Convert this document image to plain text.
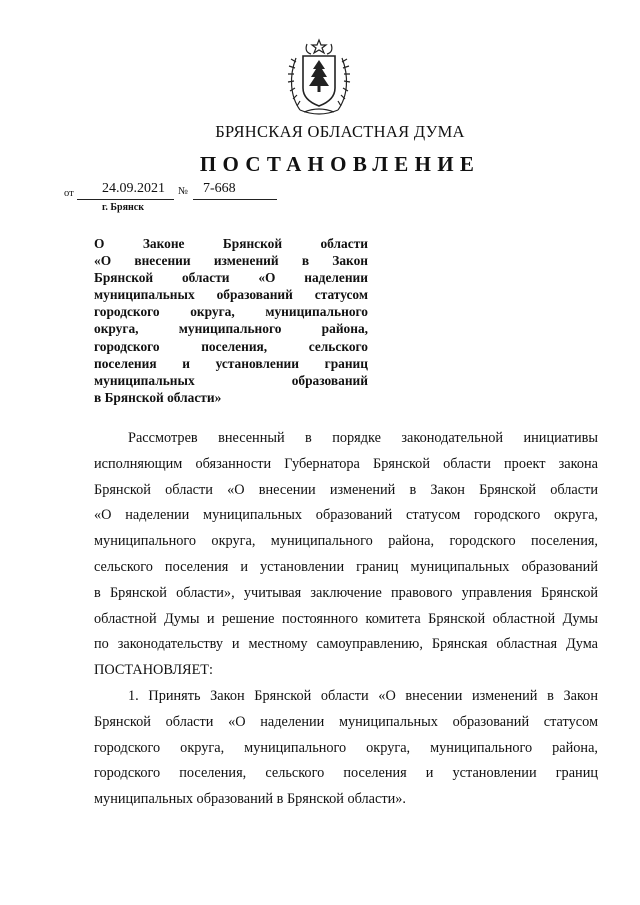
БРЯНСКАЯ ОБЛАСТНАЯ ДУМА
ПОСТАНОВЛЕНИЕ
от 24.09.2021 № 7-668
г. Брянск
О Законе Брянской области
«О внесении изменений в Закон
Брянской области «О наделении
муниципальных образований статусом
городского округа, муниципального
округа, муниципального района,
городского поселения, сельского
поселения и установлении границ
муниципальных образований
в Брянской области»
Рассмотрев внесенный в порядке законодательной инициативы
исполняющим обязанности Губернатора Брянской области проект закона
Брянской области «О внесении изменений в Закон Брянской области
«О наделении муниципальных образований статусом городского округа,
муниципального округа, муниципального района, городского поселения,
сельского поселения и установлении границ муниципальных образований
в Брянской области», учитывая заключение правового управления Брянской
областной Думы и решение постоянного комитета Брянской областной Думы
по законодательству и местному самоуправлению, Брянская областная Дума
ПОСТАНОВЛЯЕТ:
1. Принять Закон Брянской области «О внесении изменений в Закон
Брянской области «О наделении муниципальных образований статусом
городского округа, муниципального округа, муниципального района,
городского поселения, сельского поселения и установлении границ
муниципальных образований в Брянской области».
